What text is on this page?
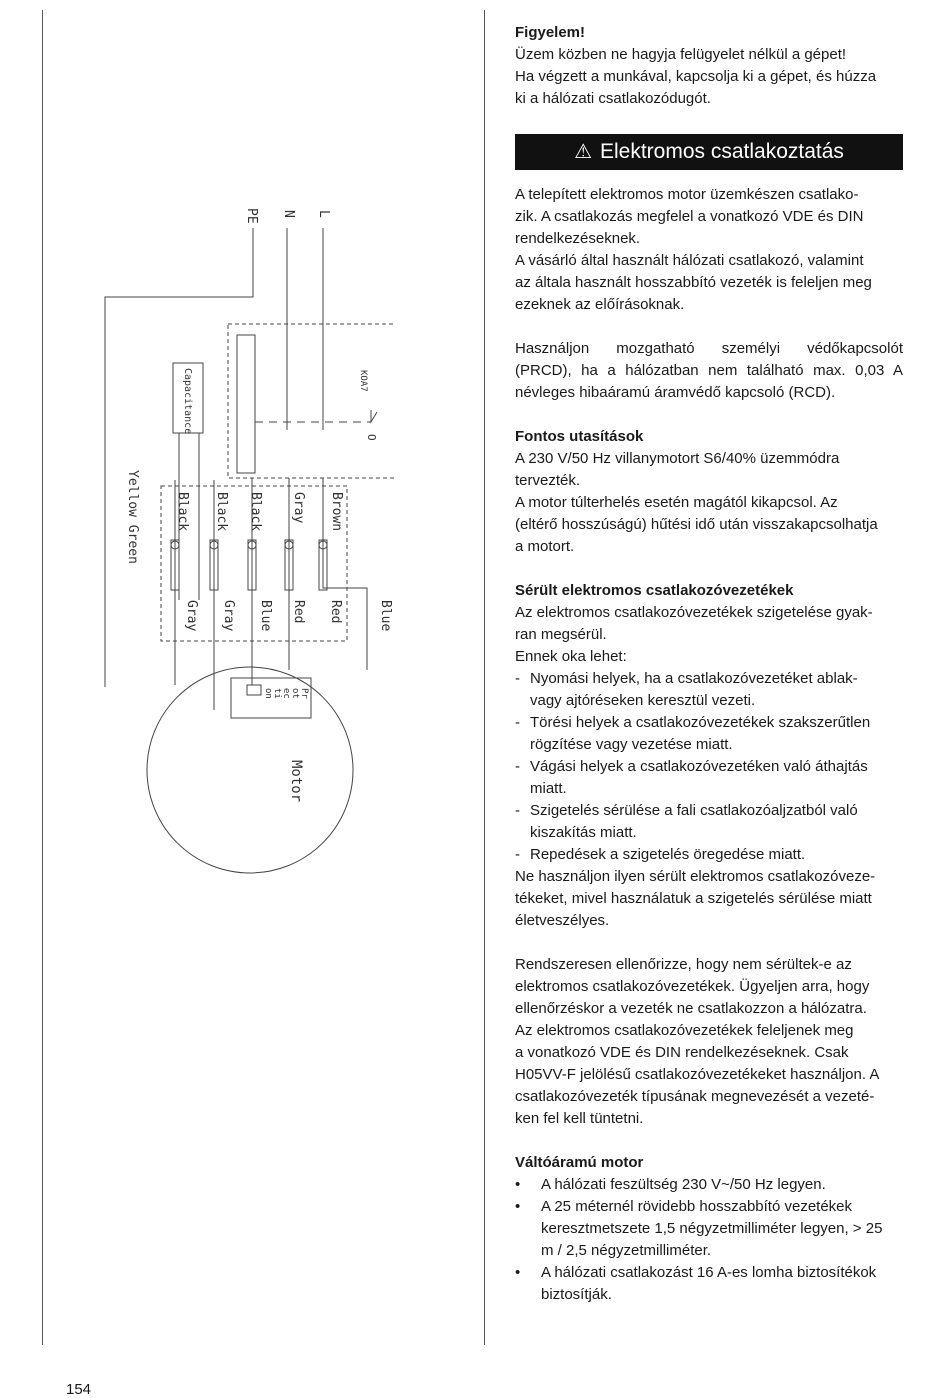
PE N L
KOA7
O
Capacitance
Yellow Green	Black Black Black Gray Brown
Gray Gray Blue Red Red	Blue
Pr
ot
ec
ti
on
Motor

Figyelem!

Üzem közben ne hagyja felügyelet nélkül a gépet!

Ha végzett a munkával, kapcsolja ki a gépet, és húzza

ki a hálózati csatlakozódugót.

⚠ Elektromos csatlakoztatás

A telepített elektromos motor üzemkészen csatlako-

zik. A csatlakozás megfelel a vonatkozó VDE és DIN

rendelkezéseknek.

A vásárló által használt hálózati csatlakozó, valamint

az általa használt hosszabbító vezeték is feleljen meg

ezeknek az előírásoknak.

Használjon mozgatható személyi védőkapcsolót

(PRCD), ha a hálózatban nem található max. 0,03 A

névleges hibaáramú áramvédő kapcsoló (RCD).

Fontos utasítások

A 230 V/50 Hz villanymotort S6/40% üzemmódra

tervezték.

A motor túlterhelés esetén magától kikapcsol. Az

(eltérő hosszúságú) hűtési idő után visszakapcsolhatja

a motort.

Sérült elektromos csatlakozóvezetékek

Az elektromos csatlakozóvezetékek szigetelése gyak-

ran megsérül.

Ennek oka lehet:

- Nyomási helyek, ha a csatlakozóvezetéket ablak-

vagy ajtóréseken keresztül vezeti.

- Törési helyek a csatlakozóvezetékek szakszerűtlen

rögzítése vagy vezetése miatt.

- Vágási helyek a csatlakozóvezetéken való áthajtás

miatt.

- Szigetelés sérülése a fali csatlakozóaljzatból való

kiszakítás miatt.

- Repedések a szigetelés öregedése miatt.

Ne használjon ilyen sérült elektromos csatlakozóveze-

tékeket, mivel használatuk a szigetelés sérülése miatt

életveszélyes.

Rendszeresen ellenőrizze, hogy nem sérültek-e az

elektromos csatlakozóvezetékek. Ügyeljen arra, hogy

ellenőrzéskor a vezeték ne csatlakozzon a hálózatra.

Az elektromos csatlakozóvezetékek feleljenek meg

a vonatkozó VDE és DIN rendelkezéseknek. Csak

H05VV-F jelölésű csatlakozóvezetékeket használjon. A

csatlakozóvezeték típusának megnevezését a vezeté-

ken fel kell tüntetni.

Váltóáramú motor

• A hálózati feszültség 230 V~/50 Hz legyen.

• A 25 méternél rövidebb hosszabbító vezetékek

keresztmetszete 1,5 négyzetmilliméter legyen, > 25

m / 2,5 négyzetmilliméter.

• A hálózati csatlakozást 16 A-es lomha biztosítékok

biztosítják.

154
